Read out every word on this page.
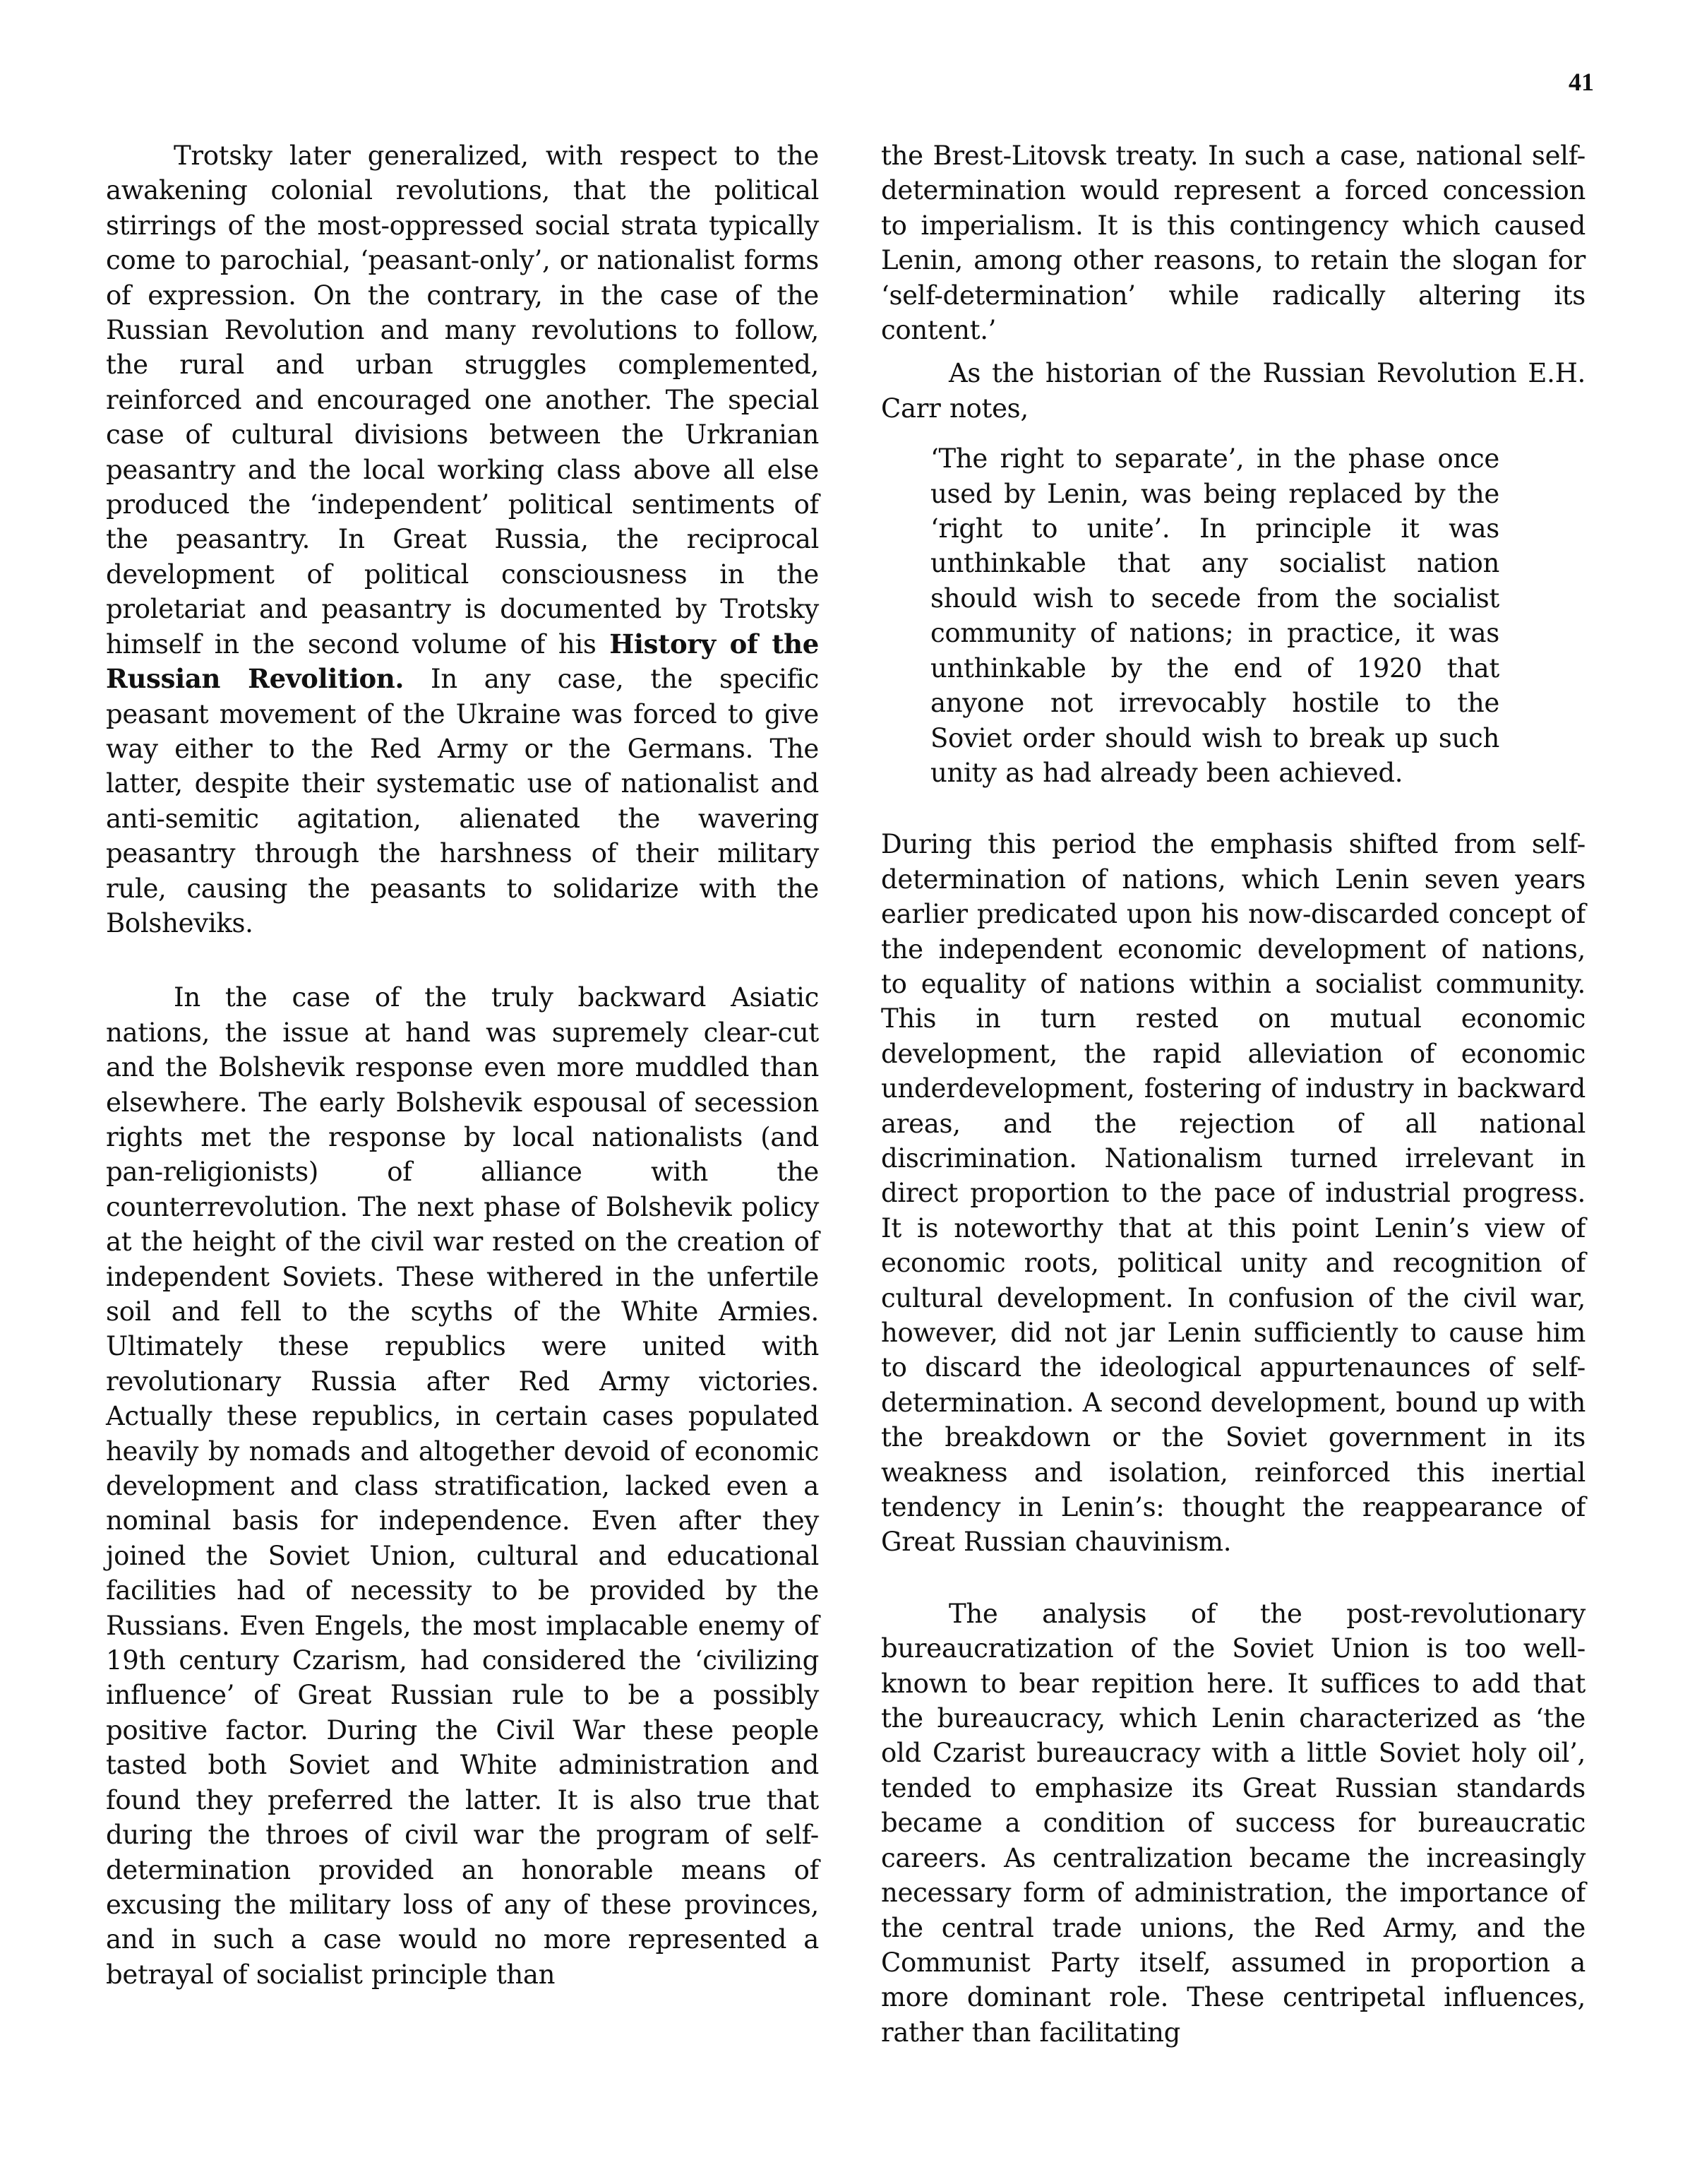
41

Trotsky later generalized, with respect to the awakening colonial revolutions, that the political stirrings of the most-oppressed social strata typically come to parochial, ‘peasant-only’, or nationalist forms of expression. On the contrary, in the case of the Russian Revolution and many revolutions to follow, the rural and urban struggles complemented, reinforced and encouraged one another. The special case of cultural divisions between the Urkranian peasantry and the local working class above all else produced the ‘independent’ political sentiments of the peasantry. In Great Russia, the reciprocal development of political consciousness in the proletariat and peasantry is documented by Trotsky himself in the second volume of his History of the Russian Revolition. In any case, the specific peasant movement of the Ukraine was forced to give way either to the Red Army or the Germans. The latter, despite their systematic use of nationalist and anti-semitic agitation, alienated the wavering peasantry through the harshness of their military rule, causing the peasants to solidarize with the Bolsheviks.

In the case of the truly backward Asiatic nations, the issue at hand was supremely clear-cut and the Bolshevik response even more muddled than elsewhere. The early Bolshevik espousal of secession rights met the response by local nationalists (and pan-religionists) of alliance with the counterrevolution. The next phase of Bolshevik policy at the height of the civil war rested on the creation of independent Soviets. These withered in the unfertile soil and fell to the scyths of the White Armies. Ultimately these republics were united with revolutionary Russia after Red Army victories. Actually these republics, in certain cases populated heavily by nomads and altogether devoid of economic development and class stratification, lacked even a nominal basis for independence. Even after they joined the Soviet Union, cultural and educational facilities had of necessity to be provided by the Russians. Even Engels, the most implacable enemy of 19th century Czarism, had considered the ‘civilizing influence’ of Great Russian rule to be a possibly positive factor. During the Civil War these people tasted both Soviet and White administration and found they preferred the latter. It is also true that during the throes of civil war the program of self-determination provided an honorable means of excusing the military loss of any of these provinces, and in such a case would no more represented a betrayal of socialist principle than

the Brest-Litovsk treaty. In such a case, national self-determination would represent a forced concession to imperialism. It is this contingency which caused Lenin, among other reasons, to retain the slogan for ‘self-determination’ while radically altering its content.’

As the historian of the Russian Revolution E.H. Carr notes,

‘The right to separate’, in the phase once used by Lenin, was being replaced by the ‘right to unite’. In principle it was unthinkable that any socialist nation should wish to secede from the socialist community of nations; in practice, it was unthinkable by the end of 1920 that anyone not irrevocably hostile to the Soviet order should wish to break up such unity as had already been achieved.

During this period the emphasis shifted from self-determination of nations, which Lenin seven years earlier predicated upon his now-discarded concept of the independent economic development of nations, to equality of nations within a socialist community. This in turn rested on mutual economic development, the rapid alleviation of economic underdevelopment, fostering of industry in backward areas, and the rejection of all national discrimination. Nationalism turned irrelevant in direct proportion to the pace of industrial progress. It is noteworthy that at this point Lenin’s view of economic roots, political unity and recognition of cultural development. In confusion of the civil war, however, did not jar Lenin sufficiently to cause him to discard the ideological appurtenaunces of self-determination. A second development, bound up with the breakdown or the Soviet government in its weakness and isolation, reinforced this inertial tendency in Lenin’s: thought the reappearance of Great Russian chauvinism.

The analysis of the post-revolutionary bureaucratization of the Soviet Union is too well-known to bear repition here. It suffices to add that the bureaucracy, which Lenin characterized as ‘the old Czarist bureaucracy with a little Soviet holy oil’, tended to emphasize its Great Russian standards became a condition of success for bureaucratic careers. As centralization became the increasingly necessary form of administration, the importance of the central trade unions, the Red Army, and the Communist Party itself, assumed in proportion a more dominant role. These centripetal influences, rather than facilitating
